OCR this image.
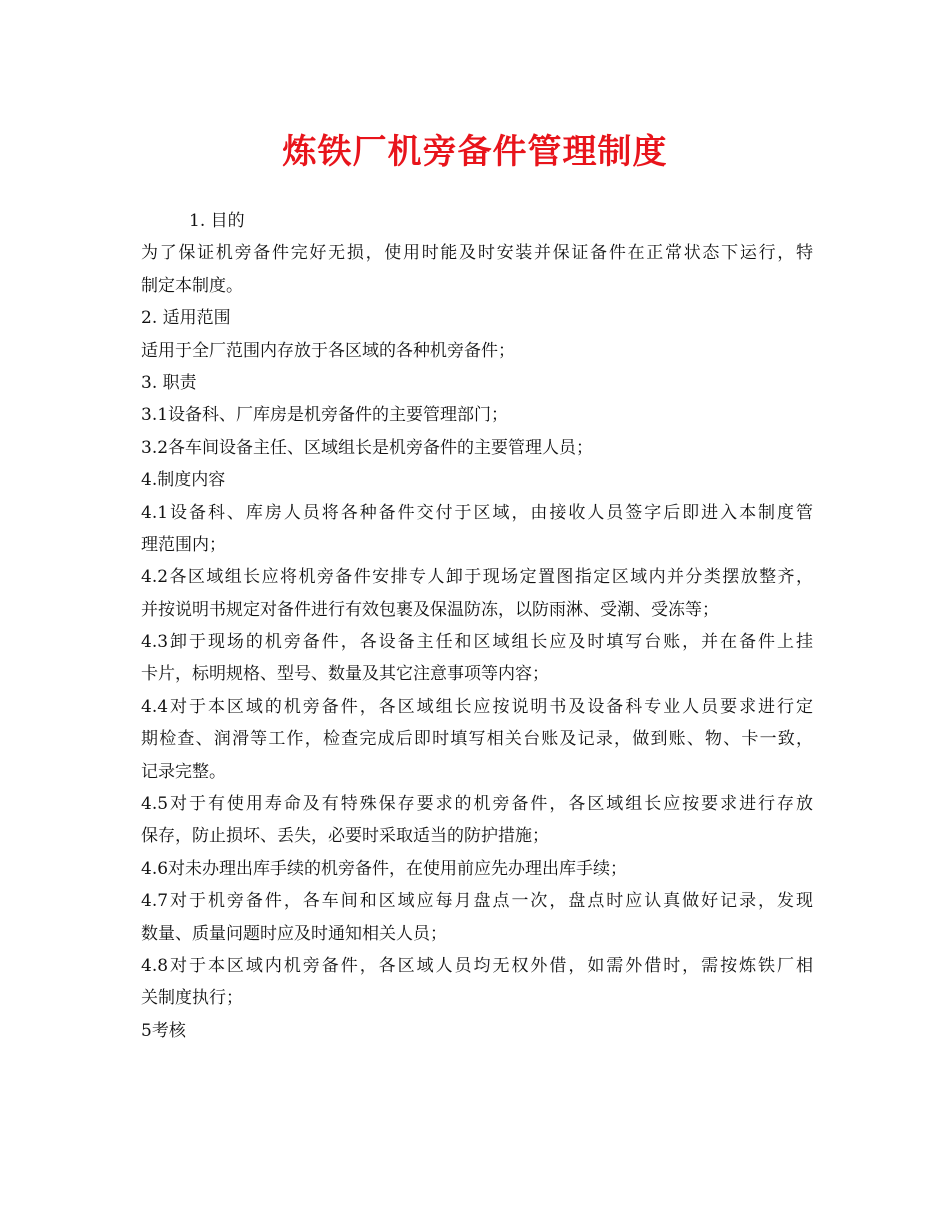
炼铁厂机旁备件管理制度
1. 目的
为了保证机旁备件完好无损，使用时能及时安装并保证备件在正常状态下运行，特
制定本制度。
2. 适用范围
适用于全厂范围内存放于各区域的各种机旁备件；
3. 职责
3.1设备科、厂库房是机旁备件的主要管理部门；
3.2各车间设备主任、区域组长是机旁备件的主要管理人员；
4.制度内容
4.1设备科、库房人员将各种备件交付于区域，由接收人员签字后即进入本制度管
理范围内；
4.2各区域组长应将机旁备件安排专人卸于现场定置图指定区域内并分类摆放整齐，
并按说明书规定对备件进行有效包裹及保温防冻，以防雨淋、受潮、受冻等；
4.3卸于现场的机旁备件，各设备主任和区域组长应及时填写台账，并在备件上挂
卡片，标明规格、型号、数量及其它注意事项等内容；
4.4对于本区域的机旁备件，各区域组长应按说明书及设备科专业人员要求进行定
期检查、润滑等工作，检查完成后即时填写相关台账及记录，做到账、物、卡一致，
记录完整。
4.5对于有使用寿命及有特殊保存要求的机旁备件，各区域组长应按要求进行存放
保存，防止损坏、丢失，必要时采取适当的防护措施；
4.6对未办理出库手续的机旁备件，在使用前应先办理出库手续；
4.7对于机旁备件，各车间和区域应每月盘点一次，盘点时应认真做好记录，发现
数量、质量问题时应及时通知相关人员；
4.8对于本区域内机旁备件，各区域人员均无权外借，如需外借时，需按炼铁厂相
关制度执行；
5考核
